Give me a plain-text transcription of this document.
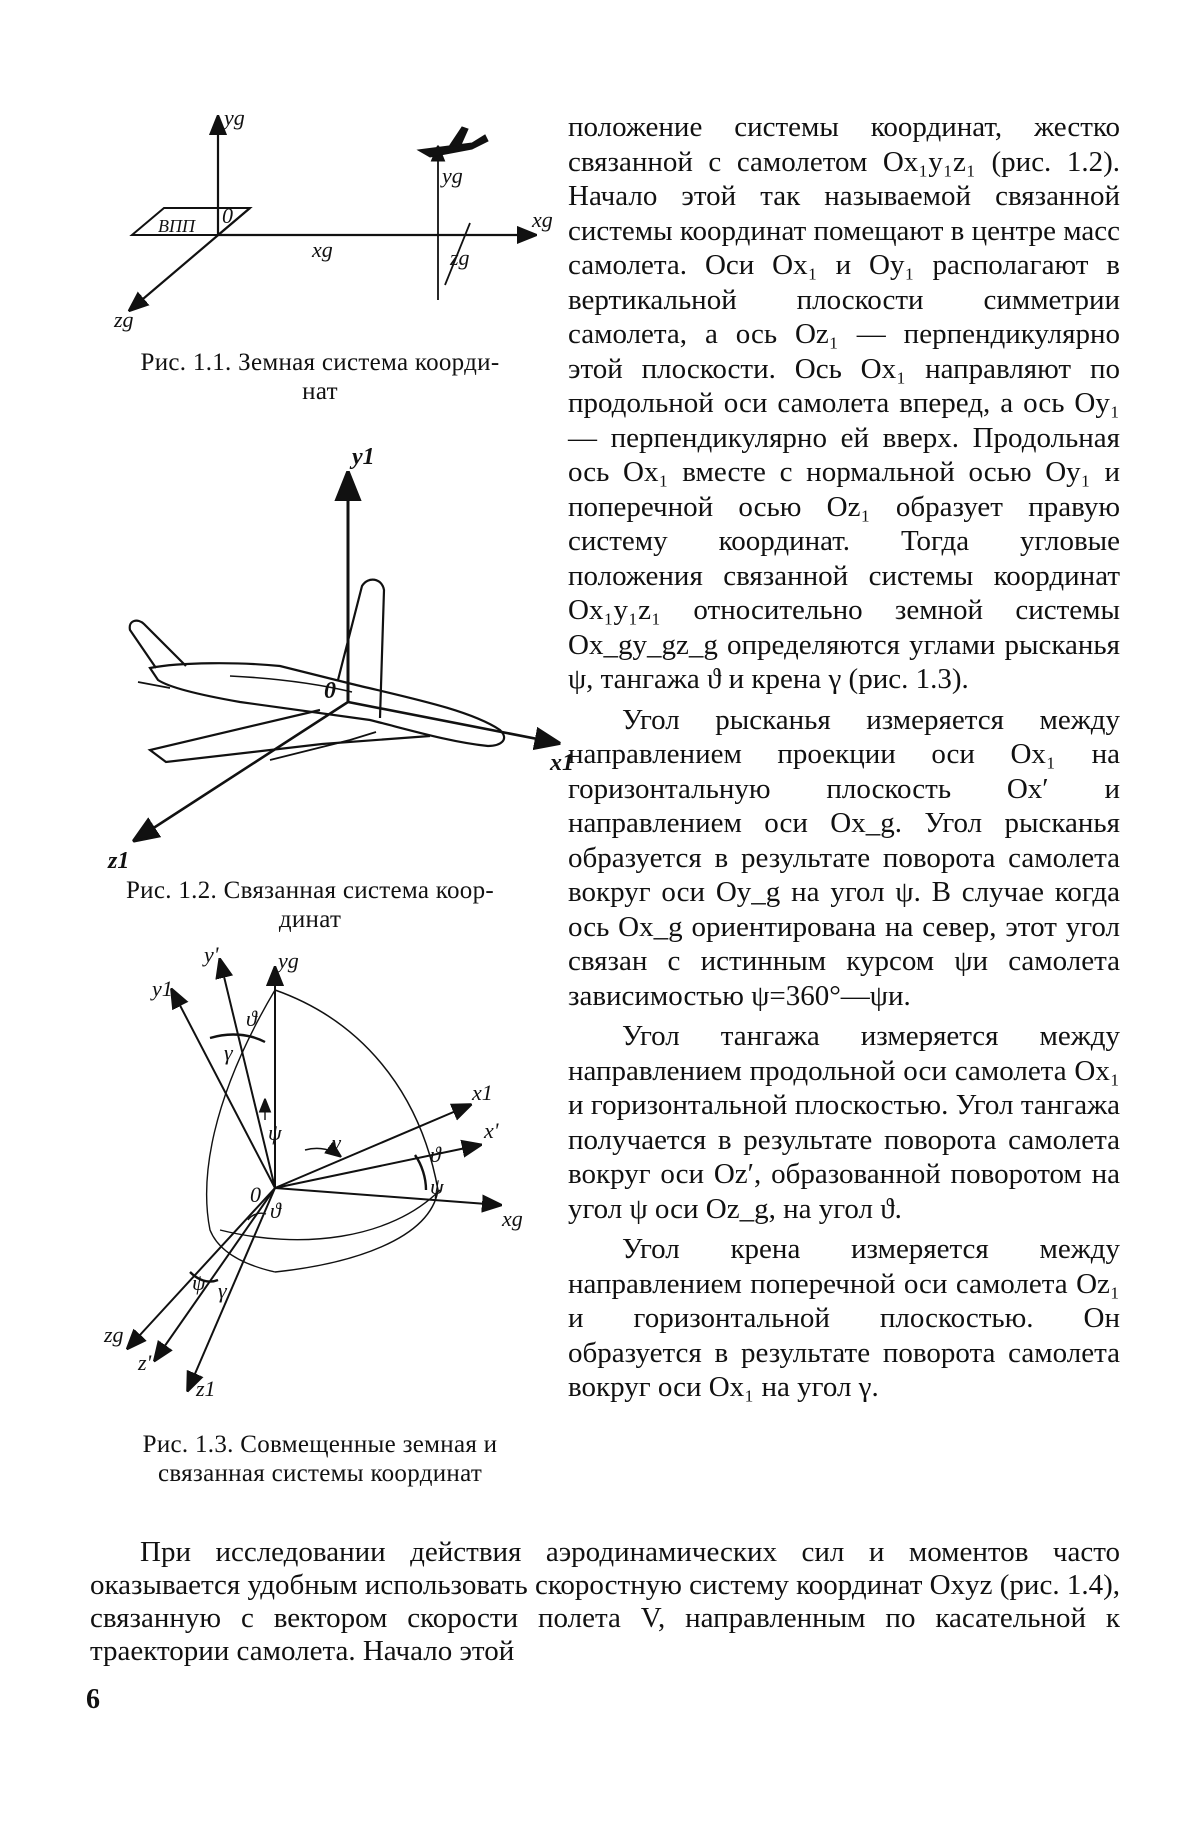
yg
yg
0
ВПП
xg
xg
zg
zg
Рис. 1.1. Земная система коорди-
нат
y1
x1
z1
0
Рис. 1.2. Связанная система коор-
динат
yg
y'
y1
x1
x'
xg
zg
z'
z1
0
ϑ
γ
ψ γ	ϑ
ψ
ϑ
ψ γ
Рис. 1.3. Совмещенные земная и
связанная системы координат

положение системы координат, жестко связанной с самолетом Ox₁y₁z₁ (рис. 1.2). Начало этой так называемой связанной системы координат помещают в центре масс самолета. Оси Ox₁ и Oy₁ располагают в вертикальной плоскости симметрии самолета, а ось Oz₁ — перпендикулярно этой плоскости. Ось Ox₁ направляют по продольной оси самолета вперед, а ось Oy₁ — перпендикулярно ей вверх. Продольная ось Ox₁ вместе с нормальной осью Oy₁ и поперечной осью Oz₁ образует правую систему координат. Тогда угловые положения связанной системы координат Ox₁y₁z₁ относительно земной системы Ox_gy_gz_g определяются углами рысканья ψ, тангажа ϑ и крена γ (рис. 1.3).

Угол рысканья измеряется между направлением проекции оси Ox₁ на горизонтальную плоскость Ox′ и направлением оси Ox_g. Угол рысканья образуется в результате поворота самолета вокруг оси Oy_g на угол ψ. В случае когда ось Ox_g ориентирована на север, этот угол связан с истинным курсом ψи самолета зависимостью ψ=360°—ψи.

Угол тангажа измеряется между направлением продольной оси самолета Ox₁ и горизонтальной плоскостью. Угол тангажа получается в результате поворота самолета вокруг оси Oz′, образованной поворотом на угол ψ оси Oz_g, на угол ϑ.

Угол крена измеряется между направлением поперечной оси самолета Oz₁ и горизонтальной плоскостью. Он образуется в результате поворота самолета вокруг оси Ox₁ на угол γ.

При исследовании действия аэродинамических сил и моментов часто оказывается удобным использовать скоростную систему координат Oxyz (рис. 1.4), связанную с вектором скорости полета V, направленным по касательной к траектории самолета. Начало этой

6
